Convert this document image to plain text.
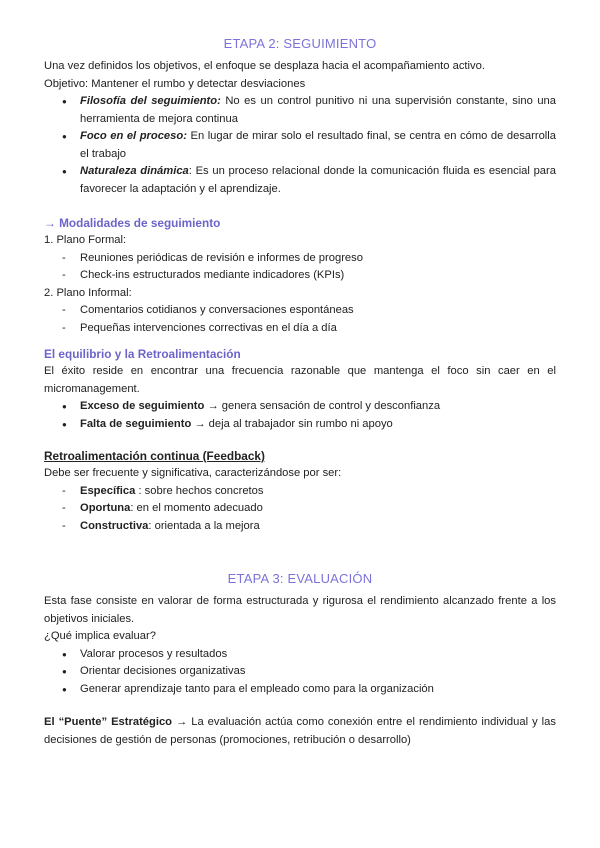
ETAPA 2: SEGUIMIENTO

Una vez definidos los objetivos, el enfoque se desplaza hacia el acompañamiento activo.

Objetivo: Mantener el rumbo y detectar desviaciones

● Filosofía del seguimiento: No es un control punitivo ni una supervisión constante, sino una herramienta de mejora continua
● Foco en el proceso: En lugar de mirar solo el resultado final, se centra en cómo de desarrolla el trabajo
● Naturaleza dinámica: Es un proceso relacional donde la comunicación fluida es esencial para favorecer la adaptación y el aprendizaje.
→ Modalidades de seguimiento

1. Plano Formal:

- Reuniones periódicas de revisión e informes de progreso
- Check-ins estructurados mediante indicadores (KPIs)

2. Plano Informal:

- Comentarios cotidianos y conversaciones espontáneas
- Pequeñas intervenciones correctivas en el día a día
El equilibrio y la Retroalimentación

El éxito reside en encontrar una frecuencia razonable que mantenga el foco sin caer en el micromanagement.

● Exceso de seguimiento → genera sensación de control y desconfianza
● Falta de seguimiento → deja al trabajador sin rumbo ni apoyo
Retroalimentación continua (Feedback)

Debe ser frecuente y significativa, caracterizándose por ser:

- Específica : sobre hechos concretos
- Oportuna: en el momento adecuado
- Constructiva: orientada a la mejora
ETAPA 3: EVALUACIÓN

Esta fase consiste en valorar de forma estructurada y rigurosa el rendimiento alcanzado frente a los objetivos iniciales.

¿Qué implica evaluar?

● Valorar procesos y resultados
● Orientar decisiones organizativas
● Generar aprendizaje tanto para el empleado como para la organización

El “Puente” Estratégico → La evaluación actúa como conexión entre el rendimiento individual y las decisiones de gestión de personas (promociones, retribución o desarrollo)
